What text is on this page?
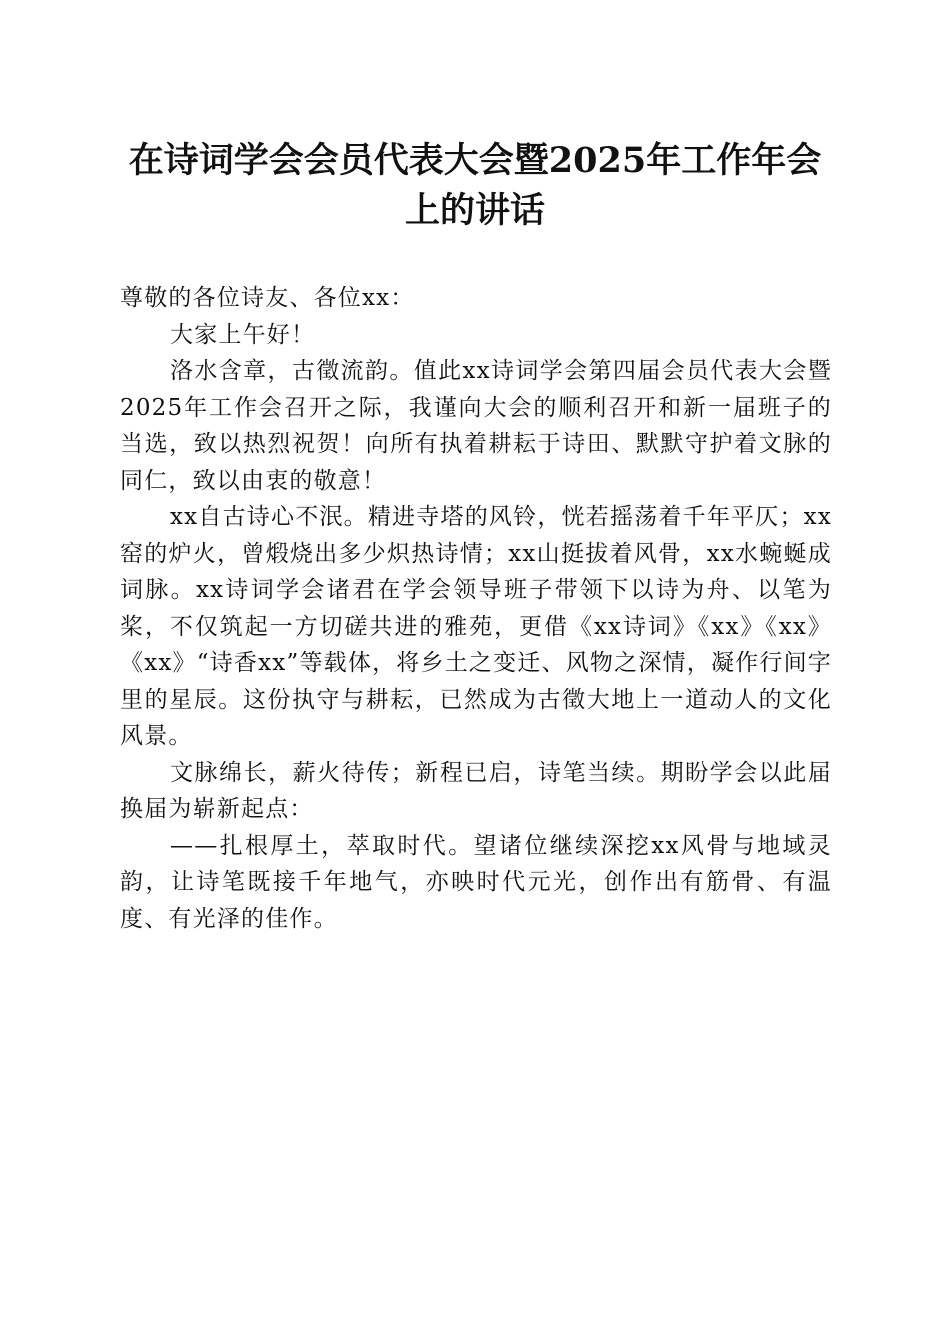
在诗词学会会员代表大会暨2025年工作年会
上的讲话

尊敬的各位诗友、各位xx：

大家上午好！

洛水含章，古徵流韵。值此xx诗词学会第四届会员代表大会暨2025年工作会召开之际，我谨向大会的顺利召开和新一届班子的当选，致以热烈祝贺！向所有执着耕耘于诗田、默默守护着文脉的同仁，致以由衷的敬意！

xx自古诗心不泯。精进寺塔的风铃，恍若摇荡着千年平仄；xx窑的炉火，曾煅烧出多少炽热诗情；xx山挺拔着风骨，xx水蜿蜒成词脉。xx诗词学会诸君在学会领导班子带领下以诗为舟、以笔为桨，不仅筑起一方切磋共进的雅苑，更借《xx诗词》《xx》《xx》《xx》“诗香xx”等载体，将乡土之变迁、风物之深情，凝作行间字里的星辰。这份执守与耕耘，已然成为古徵大地上一道动人的文化风景。

文脉绵长，薪火待传；新程已启，诗笔当续。期盼学会以此届换届为崭新起点：

——扎根厚土，萃取时代。望诸位继续深挖xx风骨与地域灵韵，让诗笔既接千年地气，亦映时代元光，创作出有筋骨、有温度、有光泽的佳作。
